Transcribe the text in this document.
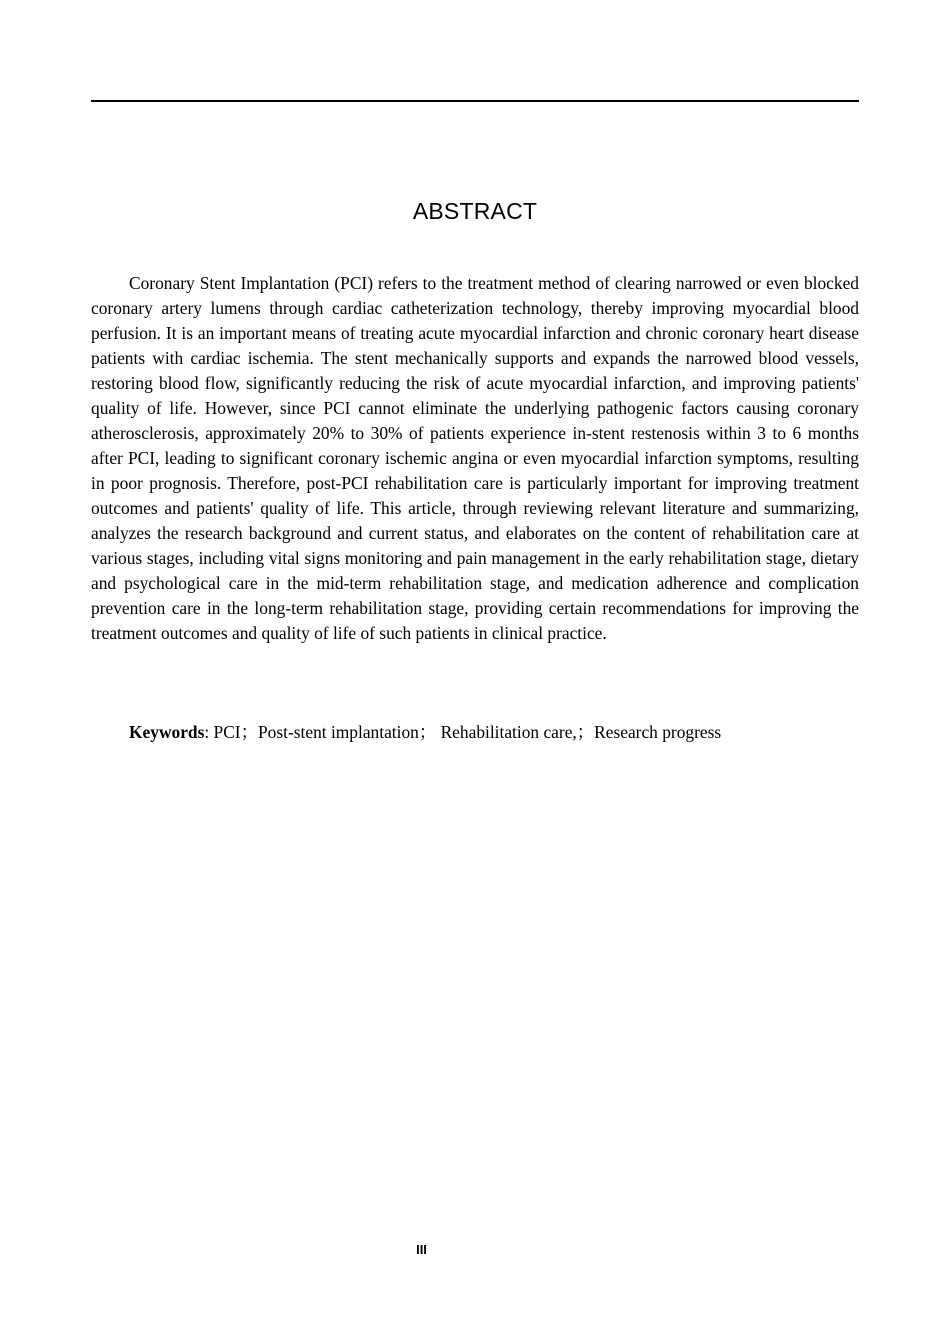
ABSTRACT

Coronary Stent Implantation (PCI) refers to the treatment method of clearing narrowed or even blocked coronary artery lumens through cardiac catheterization technology, thereby improving myocardial blood perfusion. It is an important means of treating acute myocardial infarction and chronic coronary heart disease patients with cardiac ischemia. The stent mechanically supports and expands the narrowed blood vessels, restoring blood flow, significantly reducing the risk of acute myocardial infarction, and improving patients' quality of life. However, since PCI cannot eliminate the underlying pathogenic factors causing coronary atherosclerosis, approximately 20% to 30% of patients experience in-stent restenosis within 3 to 6 months after PCI, leading to significant coronary ischemic angina or even myocardial infarction symptoms, resulting in poor prognosis. Therefore, post-PCI rehabilitation care is particularly important for improving treatment outcomes and patients' quality of life. This article, through reviewing relevant literature and summarizing, analyzes the research background and current status, and elaborates on the content of rehabilitation care at various stages, including vital signs monitoring and pain management in the early rehabilitation stage, dietary and psychological care in the mid-term rehabilitation stage, and medication adherence and complication prevention care in the long-term rehabilitation stage, providing certain recommendations for improving the treatment outcomes and quality of life of such patients in clinical practice.

Keywords: PCI；Post-stent implantation； Rehabilitation care,；Research progress

III
